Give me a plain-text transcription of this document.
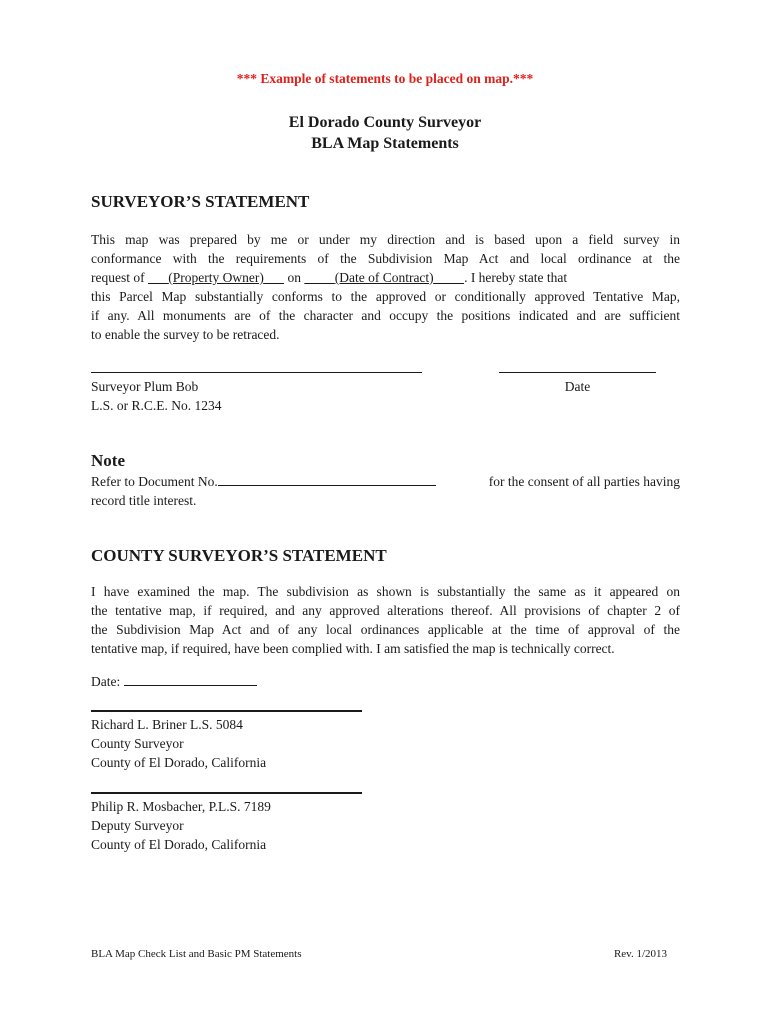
*** Example of statements to be placed on map.***
El Dorado County Surveyor
BLA Map Statements
SURVEYOR’S STATEMENT
This map was prepared by me or under my direction and is based upon a field survey in
conformance with the requirements of the Subdivision Map Act and local ordinance at the
request of (Property Owner) on	(Date of Contract) . I hereby state that
this Parcel Map substantially conforms to the approved or conditionally approved Tentative Map,
if any. All monuments are of the character and occupy the positions indicated and are sufficient
to enable the survey to be retraced.
Surveyor Plum Bob
L.S. or R.C.E. No. 1234
Date
Note
Refer to Document No.	for the consent of all parties having
record title interest.
COUNTY SURVEYOR’S STATEMENT
I have examined the map. The subdivision as shown is substantially the same as it appeared on
the tentative map, if required, and any approved alterations thereof. All provisions of chapter 2 of
the Subdivision Map Act and of any local ordinances applicable at the time of approval of the
tentative map, if required, have been complied with. I am satisfied the map is technically correct.
Date:
Richard L. Briner L.S. 5084
County Surveyor
County of El Dorado, California
Philip R. Mosbacher, P.L.S. 7189
Deputy Surveyor
County of El Dorado, California
BLA Map Check List and Basic PM Statements	Rev. 1/2013
